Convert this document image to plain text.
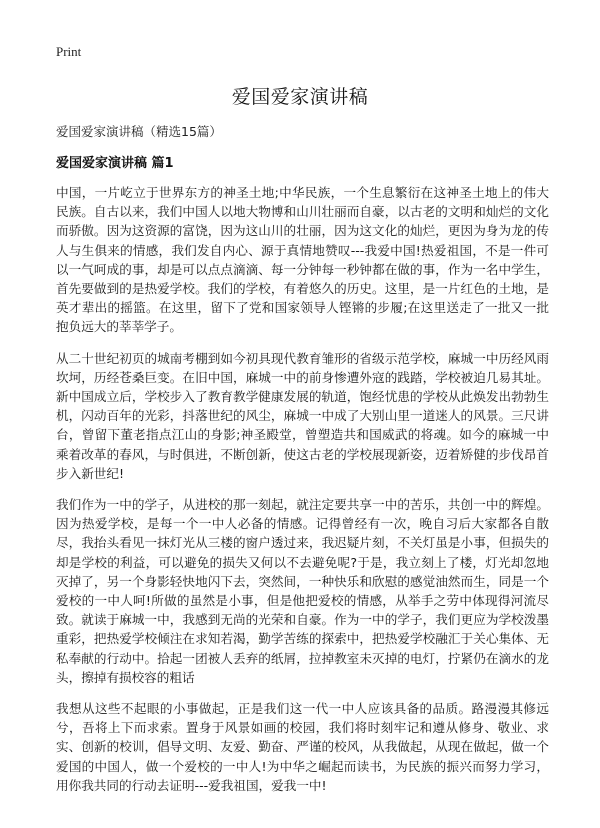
Print
爱国爱家演讲稿
爱国爱家演讲稿（精选15篇）
爱国爱家演讲稿 篇1

中国，一片屹立于世界东方的神圣土地;中华民族，一个生息繁衍在这神圣土地上的伟大民族。自古以来，我们中国人以地大物博和山川壮丽而自豪，以古老的文明和灿烂的文化而骄傲。因为这资源的富饶，因为这山川的壮丽，因为这文化的灿烂，更因为身为龙的传人与生俱来的情感，我们发自内心、源于真情地赞叹---我爱中国!热爱祖国，不是一件可以一气呵成的事，却是可以点点滴滴、每一分钟每一秒钟都在做的事，作为一名中学生，首先要做到的是热爱学校。我们的学校，有着悠久的历史。这里，是一片红色的土地，是英才辈出的摇篮。在这里，留下了党和国家领导人铿锵的步履;在这里送走了一批又一批抱负远大的莘莘学子。

从二十世纪初页的城南考棚到如今初具现代教育雏形的省级示范学校，麻城一中历经风雨坎坷，历经苍桑巨变。在旧中国，麻城一中的前身惨遭外寇的践踏，学校被迫几易其址。新中国成立后，学校步入了教育教学健康发展的轨道，饱经忧患的学校从此焕发出勃勃生机，闪动百年的光彩，抖落世纪的风尘，麻城一中成了大别山里一道迷人的风景。三尺讲台，曾留下董老指点江山的身影;神圣殿堂，曾塑造共和国威武的将魂。如今的麻城一中乘着改革的春风，与时俱进，不断创新，使这古老的学校展现新姿，迈着矫健的步伐昂首步入新世纪!

我们作为一中的学子，从进校的那一刻起，就注定要共享一中的苦乐，共创一中的辉煌。因为热爱学校，是每一个一中人必备的情感。记得曾经有一次，晚自习后大家都各自散尽，我抬头看见一抹灯光从三楼的窗户透过来，我迟疑片刻，不关灯虽是小事，但损失的却是学校的利益，可以避免的损失又何以不去避免呢?于是，我立刻上了楼，灯光却忽地灭掉了，另一个身影轻快地闪下去，突然间，一种快乐和欣慰的感觉油然而生，同是一个爱校的一中人呵!所做的虽然是小事，但是他把爱校的情感，从举手之劳中体现得河流尽致。就读于麻城一中，我感到无尚的光荣和自豪。作为一中的学子，我们更应为学校泼墨重彩，把热爱学校倾注在求知若渴，勤学苦练的探索中，把热爱学校融汇于关心集体、无私奉献的行动中。拾起一团被人丢弃的纸屑，拉掉教室未灭掉的电灯，拧紧仍在滴水的龙头，擦掉有损校容的粗话

我想从这些不起眼的小事做起，正是我们这一代一中人应该具备的品质。路漫漫其修远兮，吾将上下而求索。置身于风景如画的校园，我们将时刻牢记和遵从修身、敬业、求实、创新的校训，倡导文明、友爱、勤奋、严谨的校风，从我做起，从现在做起，做一个爱国的中国人，做一个爱校的一中人!为中华之崛起而读书，为民族的振兴而努力学习，用你我共同的行动去证明---爱我祖国，爱我一中!
